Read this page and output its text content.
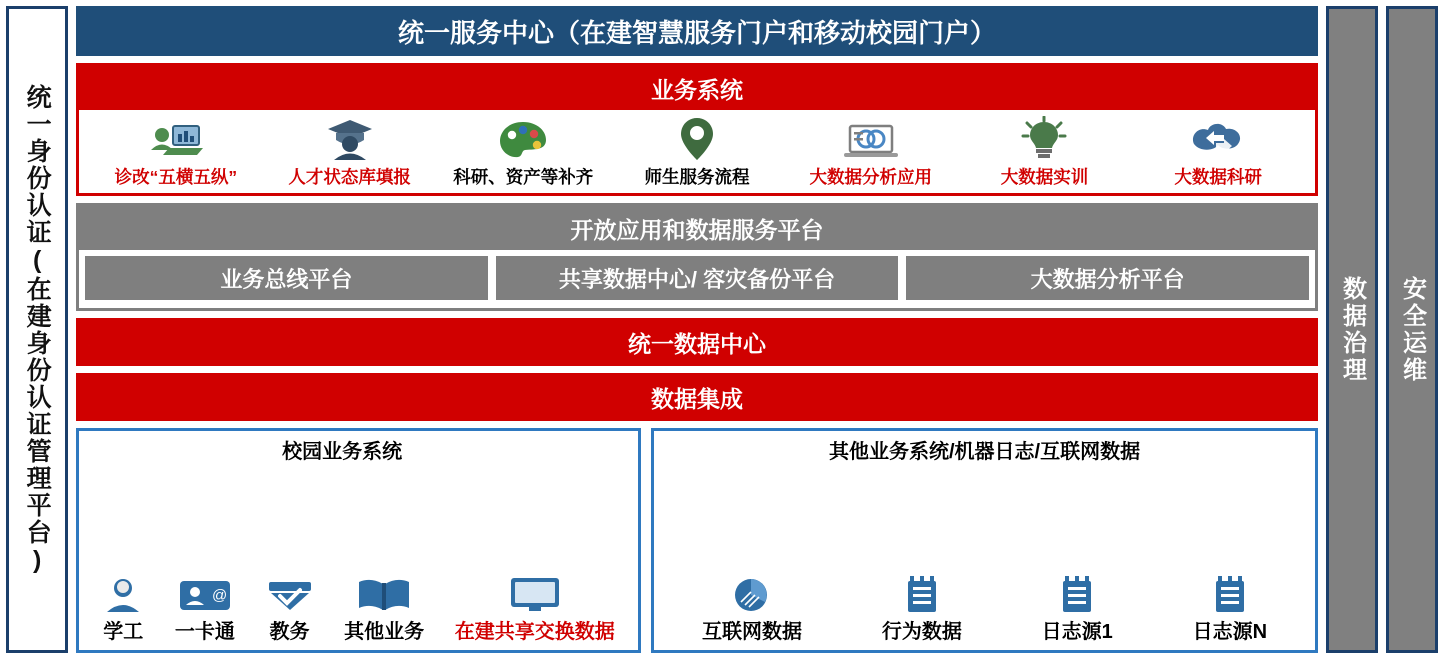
统一身份认证(在建身份认证管理平台)
统一服务中心（在建智慧服务门户和移动校园门户）
业务系统
诊改“五横五纵”	人才状态库填报 科研、资产等补齐	师生服务流程	大数据分析应用	大数据实训	大数据科研
开放应用和数据服务平台
业务总线平台	共享数据中心/ 容灾备份平台	大数据分析平台
统一数据中心
数据集成
校园业务系统
学工
@
一卡通 教务 其他业务 在建共享交换数据
其他业务系统/机器日志/互联网数据
互联网数据	行为数据	日志源1	日志源N
数据治理 安全运维
